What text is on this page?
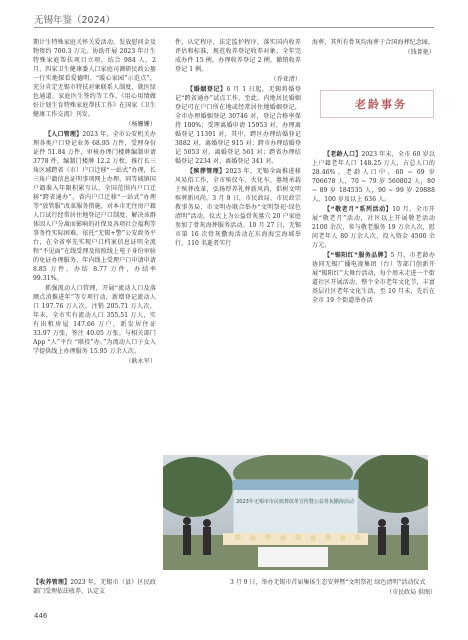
无锡年鉴（2024）

期计生特殊家庭关怀关爱活动，发放慰问金及物资约 700.3 万元。协助开展 2023 年计生特殊家庭帮扶项目立项，结合 984 人。2 月，四家卫生健康委人口家庭司调研民政公墓一行实地探看爱德明、“暖心家园”示范点”，充分肯定无锡市特扶对象联系人制度、就医绿色通道、家庭医生签约等工作。《用心用情做好计划生育特殊家庭帮扶工作》在国家《卫生健康工作交流》刊发。

（杨姗姗）

【人口管理】2023 年，全市公安机关办理各类户口登记业务 68.95 万件，受理身份证件 51.84 万件，审核办理门楼牌编制审请 3778 件，编制门楼牌 12.2 万枚。推行长三角区域跨省（市）户口迁移“一站式”办理，长三角户籍信息证明事项网上办理，同等城镇国户籍准入年限积累互认，全国范围内户口迁移“跨省通办”，省内户口迁移“一站式”办理等“放管服”改革服务措施。对本市无住房户籍人口试行经常居住地登记户口制度，解决该群体因人户分离而影响的社保及各项社会福利等事务性实际困难。依托“无锡+警”公安政务平台，在全省率先实现户口档案信息证明全流程“不见面”在线受理及按照线上电子身份审验的免证办理服务，年内线上受理户口申请申请 8.85 万件，办结 8.77 万件，办结率 99.31%。

抓强流动人口管理，开展“流动人口及落额点消推进年”等专项行动，新增登记流动人口 197.76 万人次，注销 205.71 万人次，年末，全市实有流动人口 355.51 万人，实有出租房屋 147.66 万户，新发居住证 33.97 万张，签注 40.05 万张。与相关部门 App “人”平台 “联投”办。”为流动人口子女入学提供线上办理服务 15.95 万余人次。

（耿永军）

【收养管理】2023 年，无锡市（县）区民政部门受理依法收养、认定支

件，认定程序，法定监护程序，落实国内收养评估和标准，规范收养登记收养对象。全年完成办件 15 例，办理收养登记 2 例，撤销收养登记 1 例。

（乔亚清）

【婚姻登记】6 月 1 日起，无锡将婚登记“跨省通办”试点工作，至此，内地居民婚姻登记可在户口所在地或经常居住地婚姻登记，全市办理婚姻登记 30746 对，登记合格率保持 100%；受理离婚申请 15953 对，办理离婚登记 11391 对，其中，跨区办理结婚登记 3882 对，离婚登记 915 对；跨市办理结婚登记 5053 对，离婚登记 561 对；跨省办理结婚登记 2234 对，离婚登记 341 对。

【殡葬管理】2023 年，无锡全面推进移风易俗工作，全市殡仪车、火化车、墓地承载于殡葬改革，弘扬厚养礼葬新风尚，倡树文明殡葬新风尚。3 月 9 日，市民政局、市民政宗教事务局、市文明办联合举办“文明祭祀·绿色清明”活动，仪式上为公益骨灰墓穴 20 户家庭参加了骨灰海葬服务活动。10 月 27 日，无锡市第 16 次骨灰撒海活动在东海海宝海域举行，110 名逝者实行

海葬，其所有骨灰均海葬于合国海葬纪念园。

（钱菁艳）

老龄事务

【老龄人口】2023 年末，全市 60 岁以上户籍老年人口 148.25 万人，占总人口的 28.46%。老龄人口中，60 ~ 69 岁 706678 人，70 ~ 79 岁 560802 人，80 ~ 89 岁 184535 人，90 ~ 99 岁 29888 人，100 岁及以上 636 人。

【“敬老月”系列活动】10 月，全市开展“敬老月”活动，社区以上开展敬老活动 2100 余次，参与敬老服务 19 万余人次，慰问老年人 80 万余人次，投入资金 4500 余万元。

【“锡阳红”服务品牌】5 月，市老龄办协同无锡广播电视集团（台）等部门创新开展“锡阳红”大舞台活动，每个周末走进一个街道社区开展活动，整个全市老年文化节，丰富基层社区老年文化生活，至 10 月末，先后在全市 19 个街道举办活

2023年无锡市市民殡葬改革宣传暨公益骨灰撒海活动
3 月 9 日，举办无锡市首届集体生态安葬暨“文明祭祀 绿色清明”活动仪式
（市民政局 供图）
446
